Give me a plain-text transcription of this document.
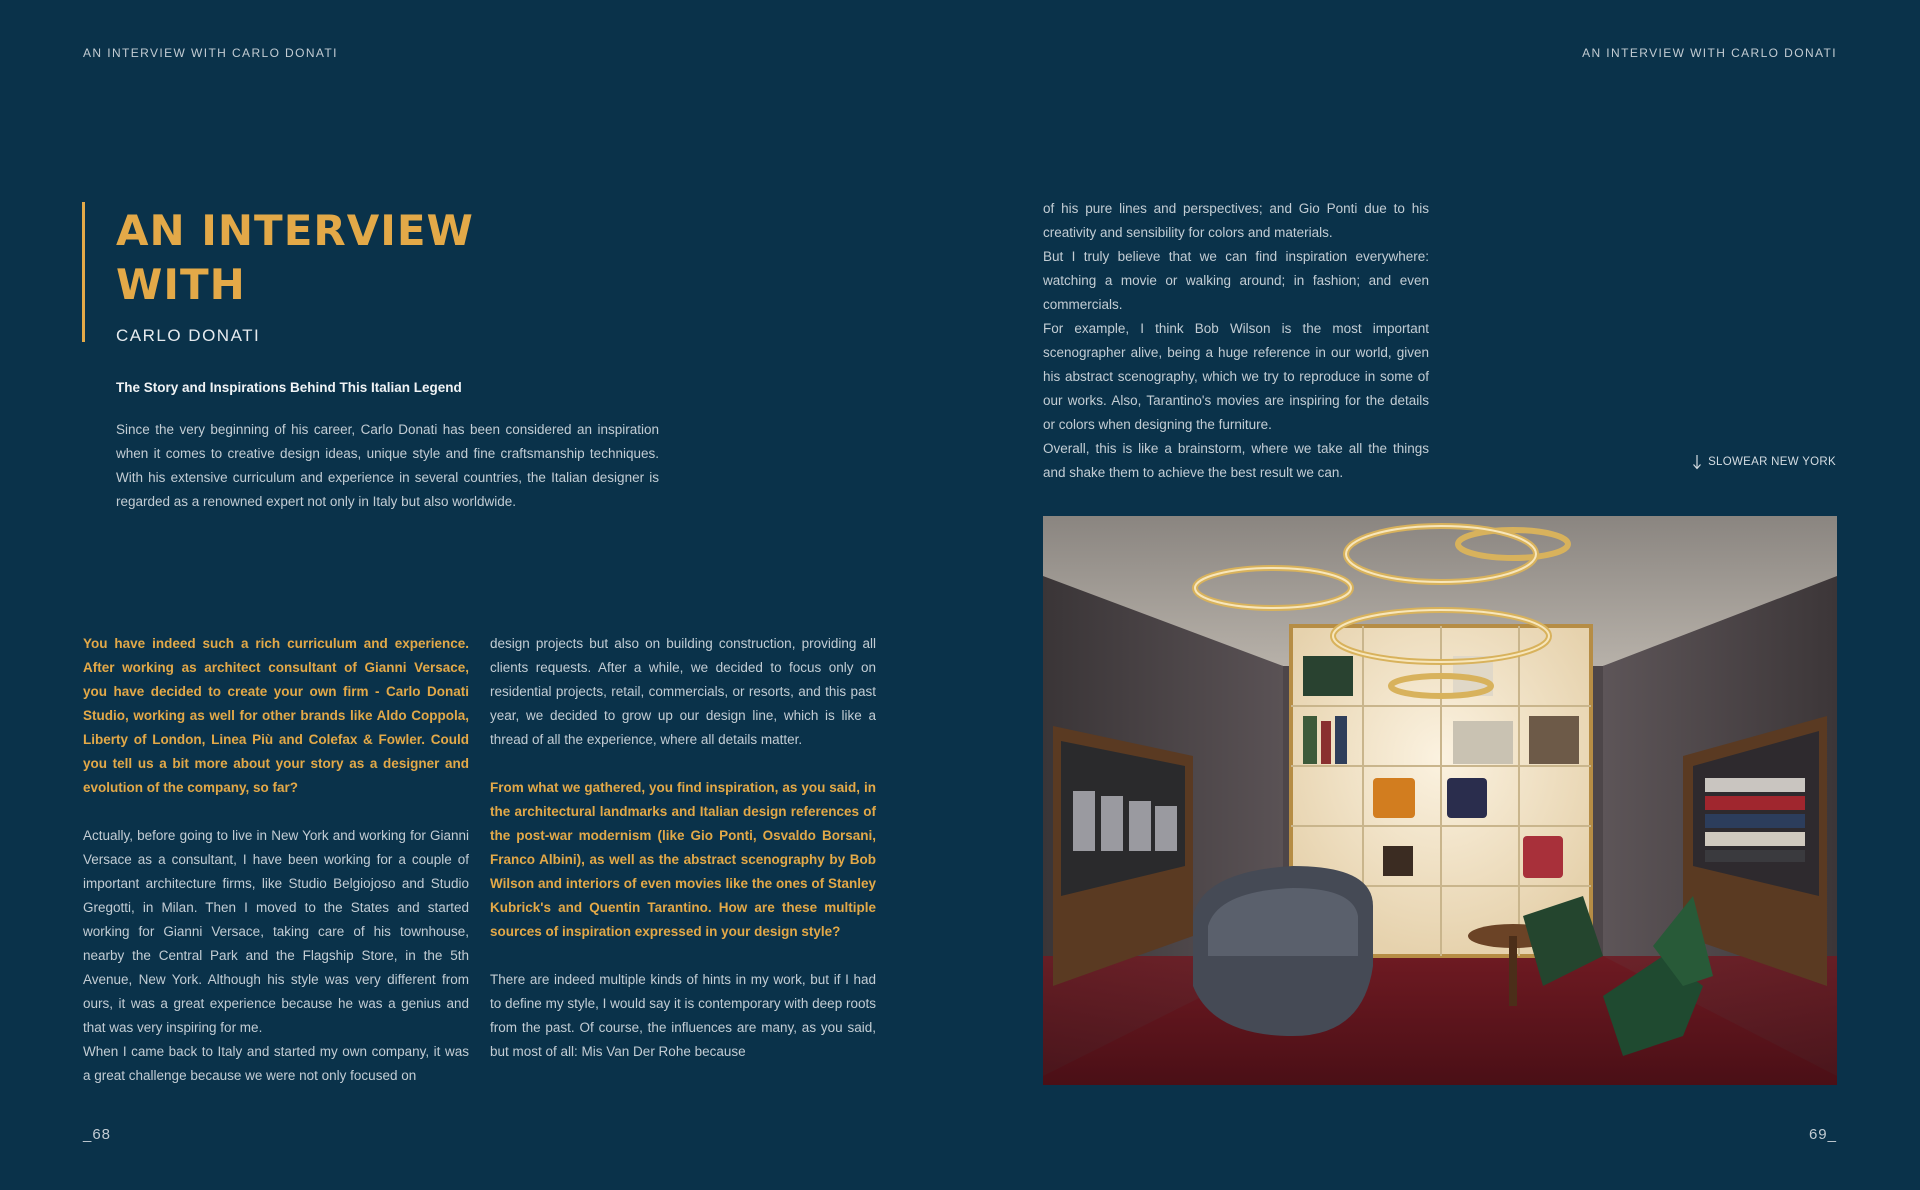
AN INTERVIEW WITH CARLO DONATI	AN INTERVIEW WITH CARLO DONATI
AN INTERVIEW
WITH
CARLO DONATI
The Story and Inspirations Behind This Italian Legend

Since the very beginning of his career, Carlo Donati has been considered an inspiration when it comes to creative design ideas, unique style and fine craftsmanship techniques. With his extensive curriculum and experience in several countries, the Italian designer is regarded as a renowned expert not only in Italy but also worldwide.

You have indeed such a rich curriculum and experience. After working as architect consultant of Gianni Versace, you have decided to create your own firm - Carlo Donati Studio, working as well for other brands like Aldo Coppola, Liberty of London, Linea Più and Colefax & Fowler. Could you tell us a bit more about your story as a designer and evolution of the company, so far?

Actually, before going to live in New York and working for Gianni Versace as a consultant, I have been working for a couple of important architecture firms, like Studio Belgiojoso and Studio Gregotti, in Milan. Then I moved to the States and started working for Gianni Versace, taking care of his townhouse, nearby the Central Park and the Flagship Store, in the 5th Avenue, New York. Although his style was very different from ours, it was a great experience because he was a genius and that was very inspiring for me.

When I came back to Italy and started my own company, it was a great challenge because we were not only focused on

design projects but also on building construction, providing all clients requests. After a while, we decided to focus only on residential projects, retail, commercials, or resorts, and this past year, we decided to grow up our design line, which is like a thread of all the experience, where all details matter.

From what we gathered, you find inspiration, as you said, in the architectural landmarks and Italian design references of the post-war modernism (like Gio Ponti, Osvaldo Borsani, Franco Albini), as well as the abstract scenography by Bob Wilson and interiors of even movies like the ones of Stanley Kubrick's and Quentin Tarantino. How are these multiple sources of inspiration expressed in your design style?

There are indeed multiple kinds of hints in my work, but if I had to define my style, I would say it is contemporary with deep roots from the past. Of course, the influences are many, as you said, but most of all: Mis Van Der Rohe because

of his pure lines and perspectives; and Gio Ponti due to his creativity and sensibility for colors and materials.

But I truly believe that we can find inspiration everywhere: watching a movie or walking around; in fashion; and even commercials.

For example, I think Bob Wilson is the most important scenographer alive, being a huge reference in our world, given his abstract scenography, which we try to reproduce in some of our works. Also, Tarantino's movies are inspiring for the details or colors when designing the furniture.

Overall, this is like a brainstorm, where we take all the things and shake them to achieve the best result we can.

SLOWEAR NEW YORK
_68	69_
